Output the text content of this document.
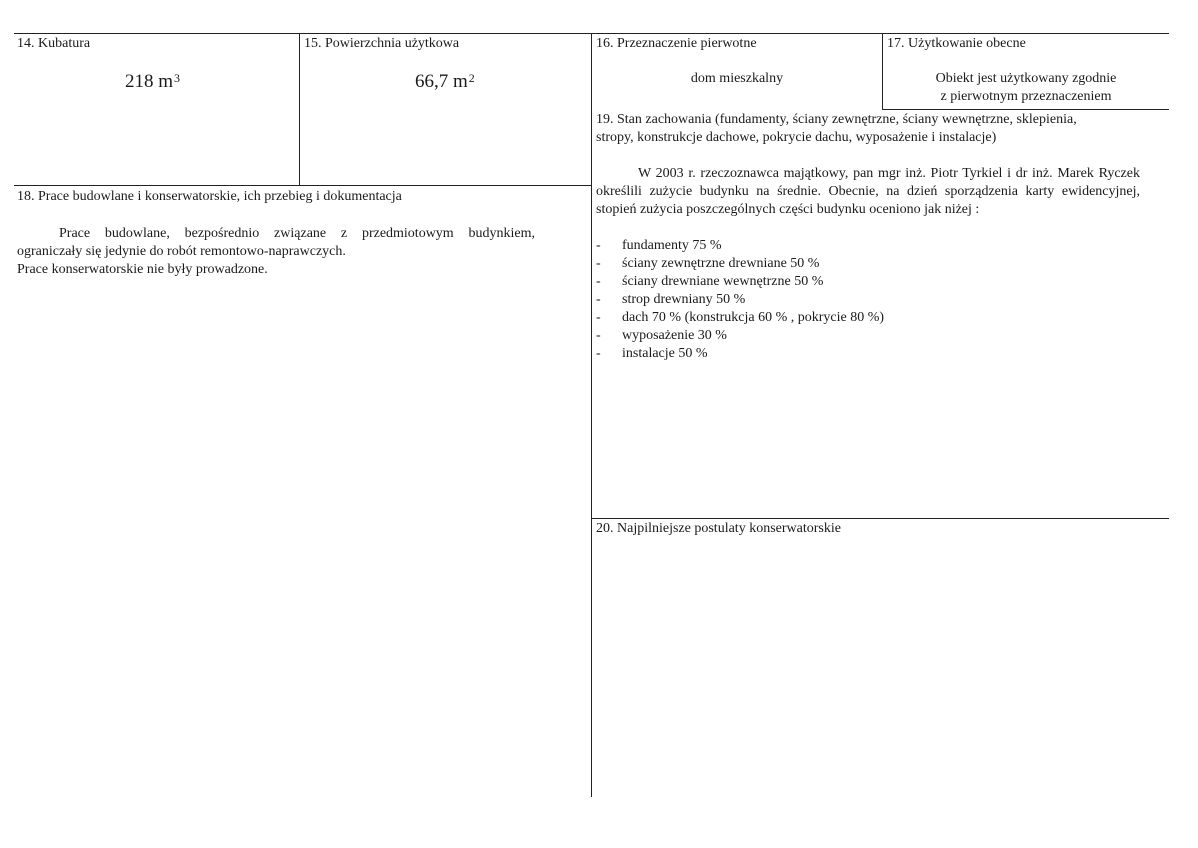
14. Kubatura
218 $m^3$
15. Powierzchnia użytkowa
66,7 $m^2$
16. Przeznaczenie pierwotne
dom mieszkalny
17. Użytkowanie obecne
Obiekt jest użytkowany zgodnie
z pierwotnym przeznaczeniem
18. Prace budowlane i konserwatorskie, ich przebieg i dokumentacja
Prace budowlane, bezpośrednio związane z przedmiotowym budynkiem, ograniczały się jedynie do robót remontowo-naprawczych.
Prace konserwatorskie nie były prowadzone.
19. Stan zachowania (fundamenty, ściany zewnętrzne, ściany wewnętrzne, sklepienia,
stropy, konstrukcje dachowe, pokrycie dachu, wyposażenie i instalacje)
W 2003 r. rzeczoznawca majątkowy, pan mgr inż. Piotr Tyrkiel i dr inż. Marek Ryczek określili zużycie budynku na średnie. Obecnie, na dzień sporządzenia karty ewidencyjnej, stopień zużycia poszczególnych części budynku oceniono jak niżej :
- fundamenty 75 %
- ściany zewnętrzne drewniane 50 %
- ściany drewniane wewnętrzne 50 %
- strop drewniany 50 %
- dach 70 % (konstrukcja 60 % , pokrycie 80 %)
- wyposażenie 30 %
- instalacje 50 %
20. Najpilniejsze postulaty konserwatorskie
